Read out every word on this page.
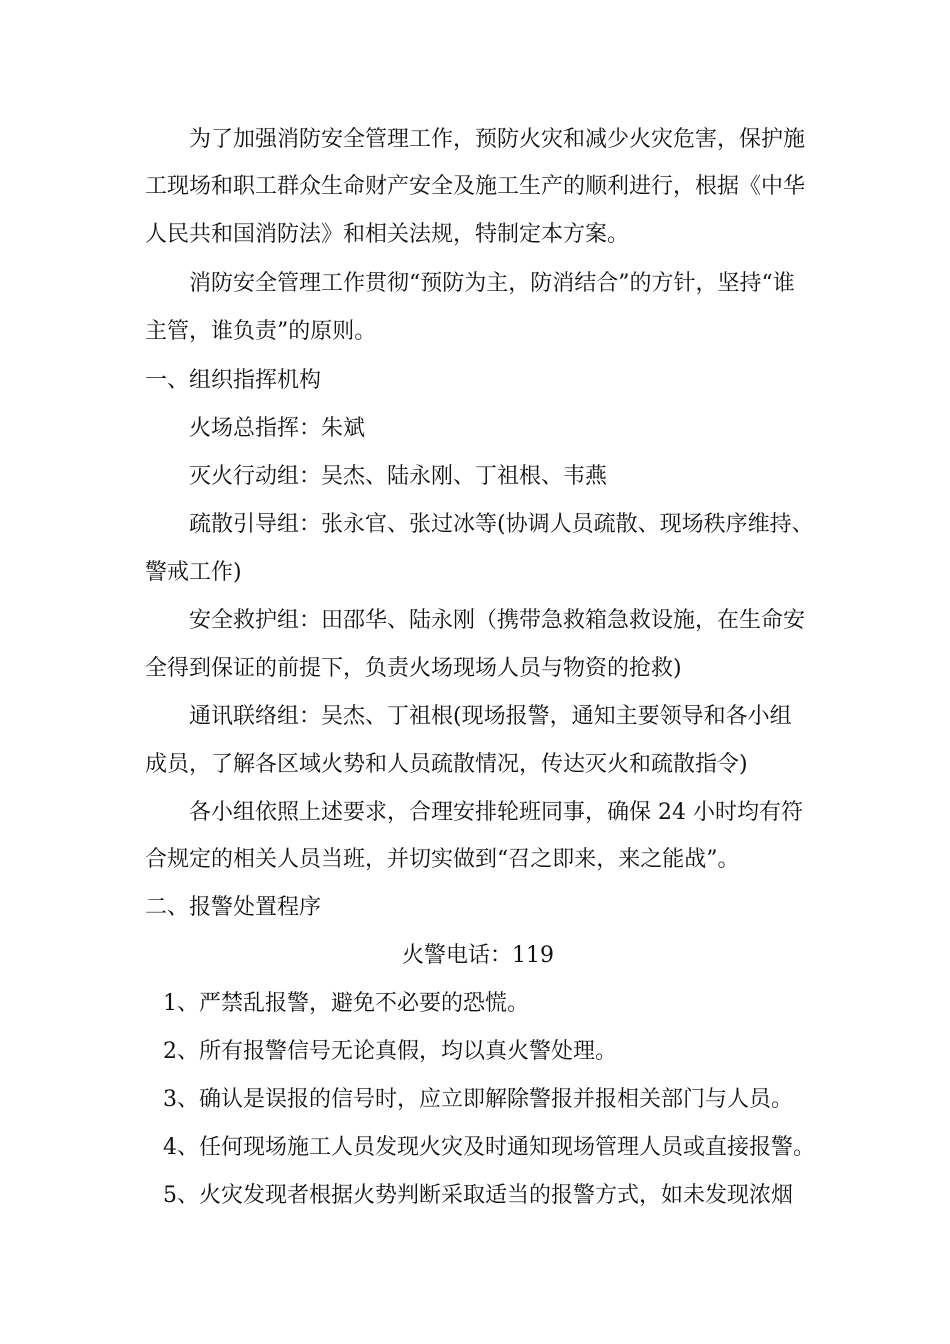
为了加强消防安全管理工作，预防火灾和减少火灾危害，保护施
工现场和职工群众生命财产安全及施工生产的顺利进行，根据《中华
人民共和国消防法》和相关法规，特制定本方案。
消防安全管理工作贯彻“预防为主，防消结合”的方针，坚持“谁
主管，谁负责”的原则。
一、组织指挥机构
火场总指挥：朱斌
灭火行动组：吴杰、陆永刚、丁祖根、韦燕
疏散引导组：张永官、张过冰等(协调人员疏散、现场秩序维持、
警戒工作)
安全救护组：田邵华、陆永刚（携带急救箱急救设施，在生命安
全得到保证的前提下，负责火场现场人员与物资的抢救)
通讯联络组：吴杰、丁祖根(现场报警，通知主要领导和各小组
成员，了解各区域火势和人员疏散情况，传达灭火和疏散指令)
各小组依照上述要求，合理安排轮班同事，确保 24 小时均有符
合规定的相关人员当班，并切实做到“召之即来，来之能战”。
二、报警处置程序
火警电话：119
1、严禁乱报警，避免不必要的恐慌。
2、所有报警信号无论真假，均以真火警处理。
3、确认是误报的信号时，应立即解除警报并报相关部门与人员。
4、任何现场施工人员发现火灾及时通知现场管理人员或直接报警。
5、火灾发现者根据火势判断采取适当的报警方式，如未发现浓烟
